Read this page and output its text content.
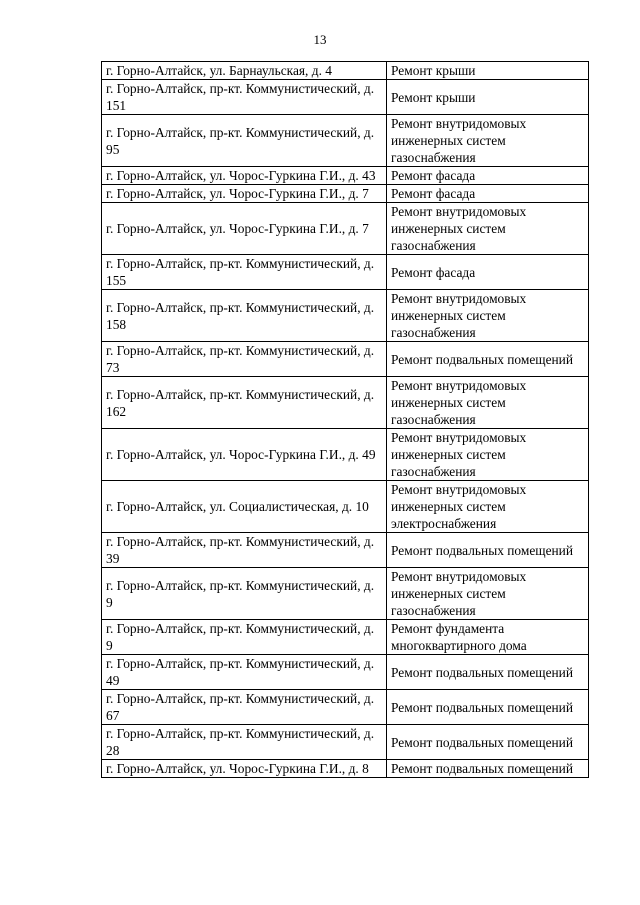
13
г. Горно-Алтайск, ул. Барнаульская, д. 4	Ремонт крыши
г. Горно-Алтайск, пр-кт. Коммунистический, д. 151	Ремонт крыши
г. Горно-Алтайск, пр-кт. Коммунистический, д. 95	Ремонт внутридомовых инженерных систем газоснабжения
г. Горно-Алтайск, ул. Чорос-Гуркина Г.И., д. 43	Ремонт фасада
г. Горно-Алтайск, ул. Чорос-Гуркина Г.И., д. 7	Ремонт фасада
г. Горно-Алтайск, ул. Чорос-Гуркина Г.И., д. 7	Ремонт внутридомовых инженерных систем газоснабжения
г. Горно-Алтайск, пр-кт. Коммунистический, д. 155	Ремонт фасада
г. Горно-Алтайск, пр-кт. Коммунистический, д. 158	Ремонт внутридомовых инженерных систем газоснабжения
г. Горно-Алтайск, пр-кт. Коммунистический, д. 73	Ремонт подвальных помещений
г. Горно-Алтайск, пр-кт. Коммунистический, д. 162	Ремонт внутридомовых инженерных систем газоснабжения
г. Горно-Алтайск, ул. Чорос-Гуркина Г.И., д. 49	Ремонт внутридомовых инженерных систем газоснабжения
г. Горно-Алтайск, ул. Социалистическая, д. 10	Ремонт внутридомовых инженерных систем электроснабжения
г. Горно-Алтайск, пр-кт. Коммунистический, д. 39	Ремонт подвальных помещений
г. Горно-Алтайск, пр-кт. Коммунистический, д. 9	Ремонт внутридомовых инженерных систем газоснабжения
г. Горно-Алтайск, пр-кт. Коммунистический, д. 9	Ремонт фундамента многоквартирного дома
г. Горно-Алтайск, пр-кт. Коммунистический, д. 49	Ремонт подвальных помещений
г. Горно-Алтайск, пр-кт. Коммунистический, д. 67	Ремонт подвальных помещений
г. Горно-Алтайск, пр-кт. Коммунистический, д. 28	Ремонт подвальных помещений
г. Горно-Алтайск, ул. Чорос-Гуркина Г.И., д. 8	Ремонт подвальных помещений
